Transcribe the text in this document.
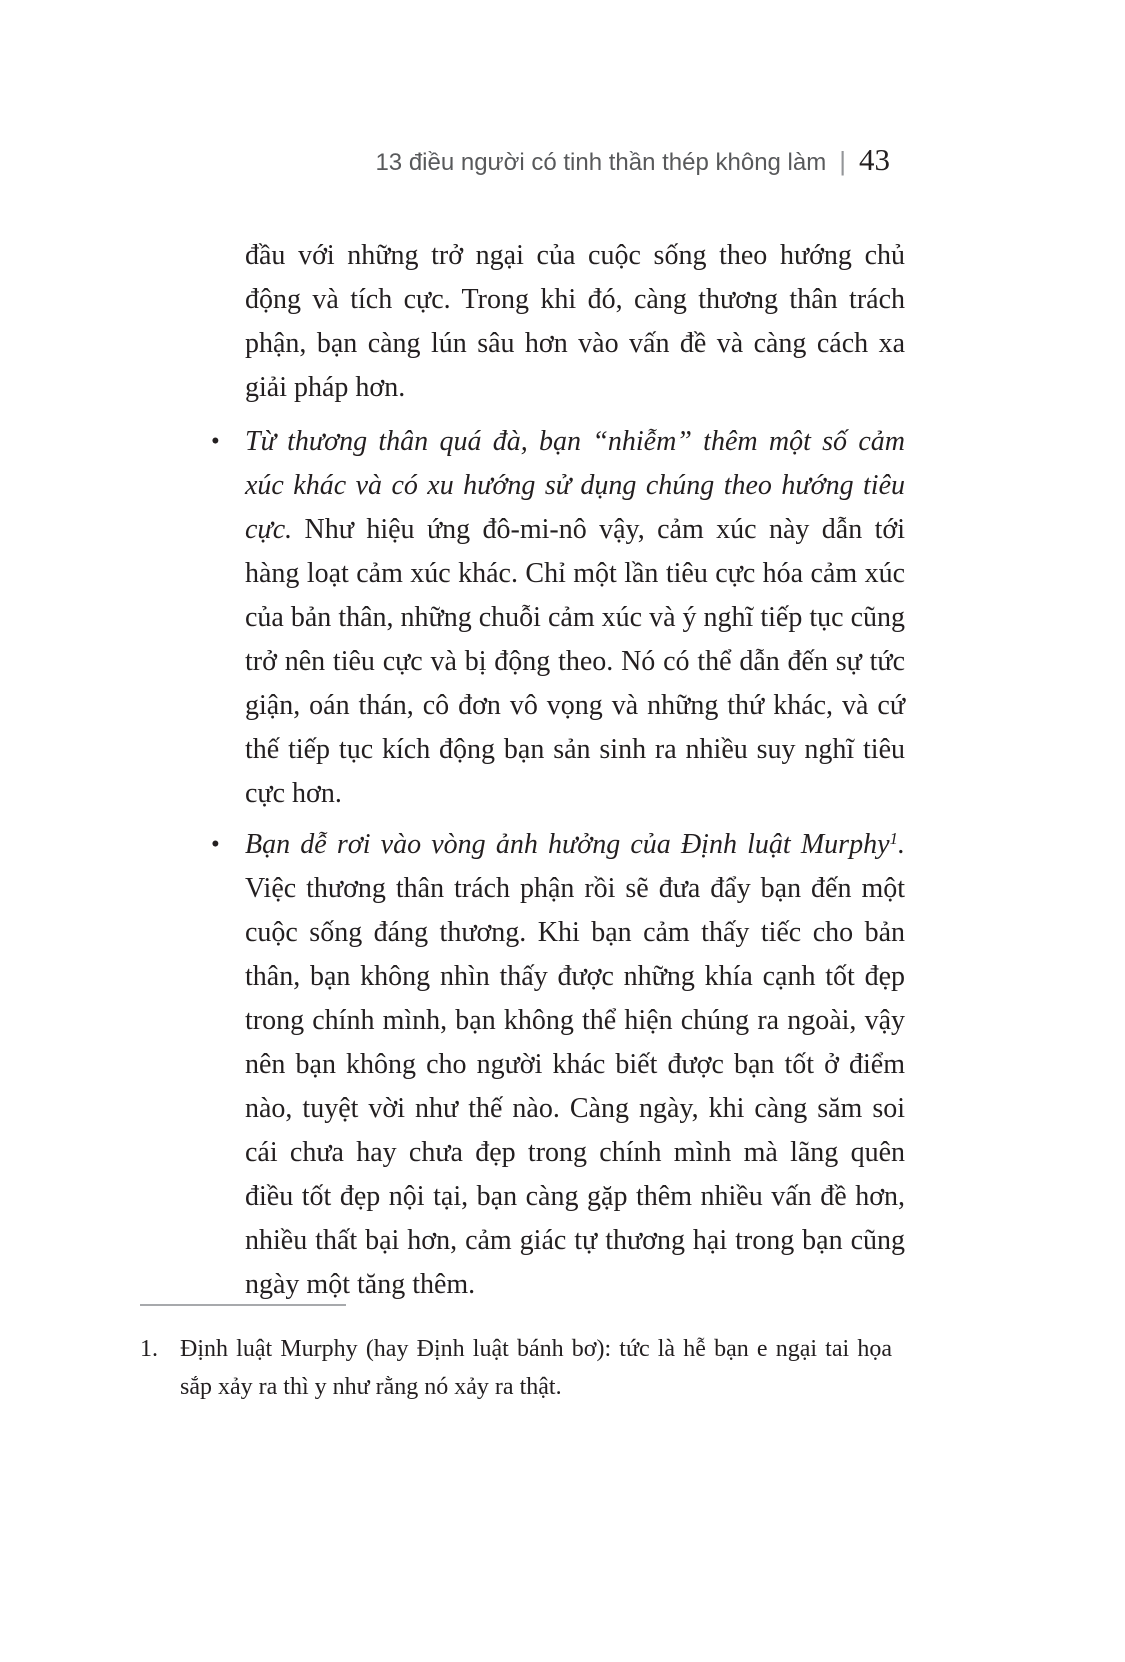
13 điều người có tinh thần thép không làm | 43

đầu với những trở ngại của cuộc sống theo hướng chủ động và tích cực. Trong khi đó, càng thương thân trách phận, bạn càng lún sâu hơn vào vấn đề và càng cách xa giải pháp hơn.

• Từ thương thân quá đà, bạn “nhiễm” thêm một số cảm xúc khác và có xu hướng sử dụng chúng theo hướng tiêu cực. Như hiệu ứng đô-mi-nô vậy, cảm xúc này dẫn tới hàng loạt cảm xúc khác. Chỉ một lần tiêu cực hóa cảm xúc của bản thân, những chuỗi cảm xúc và ý nghĩ tiếp tục cũng trở nên tiêu cực và bị động theo. Nó có thể dẫn đến sự tức giận, oán thán, cô đơn vô vọng và những thứ khác, và cứ thế tiếp tục kích động bạn sản sinh ra nhiều suy nghĩ tiêu cực hơn.

• Bạn dễ rơi vào vòng ảnh hưởng của Định luật Murphy$^1$. Việc thương thân trách phận rồi sẽ đưa đẩy bạn đến một cuộc sống đáng thương. Khi bạn cảm thấy tiếc cho bản thân, bạn không nhìn thấy được những khía cạnh tốt đẹp trong chính mình, bạn không thể hiện chúng ra ngoài, vậy nên bạn không cho người khác biết được bạn tốt ở điểm nào, tuyệt vời như thế nào. Càng ngày, khi càng săm soi cái chưa hay chưa đẹp trong chính mình mà lãng quên điều tốt đẹp nội tại, bạn càng gặp thêm nhiều vấn đề hơn, nhiều thất bại hơn, cảm giác tự thương hại trong bạn cũng ngày một tăng thêm.

1. Định luật Murphy (hay Định luật bánh bơ): tức là hễ bạn e ngại tai họa sắp xảy ra thì y như rằng nó xảy ra thật.
